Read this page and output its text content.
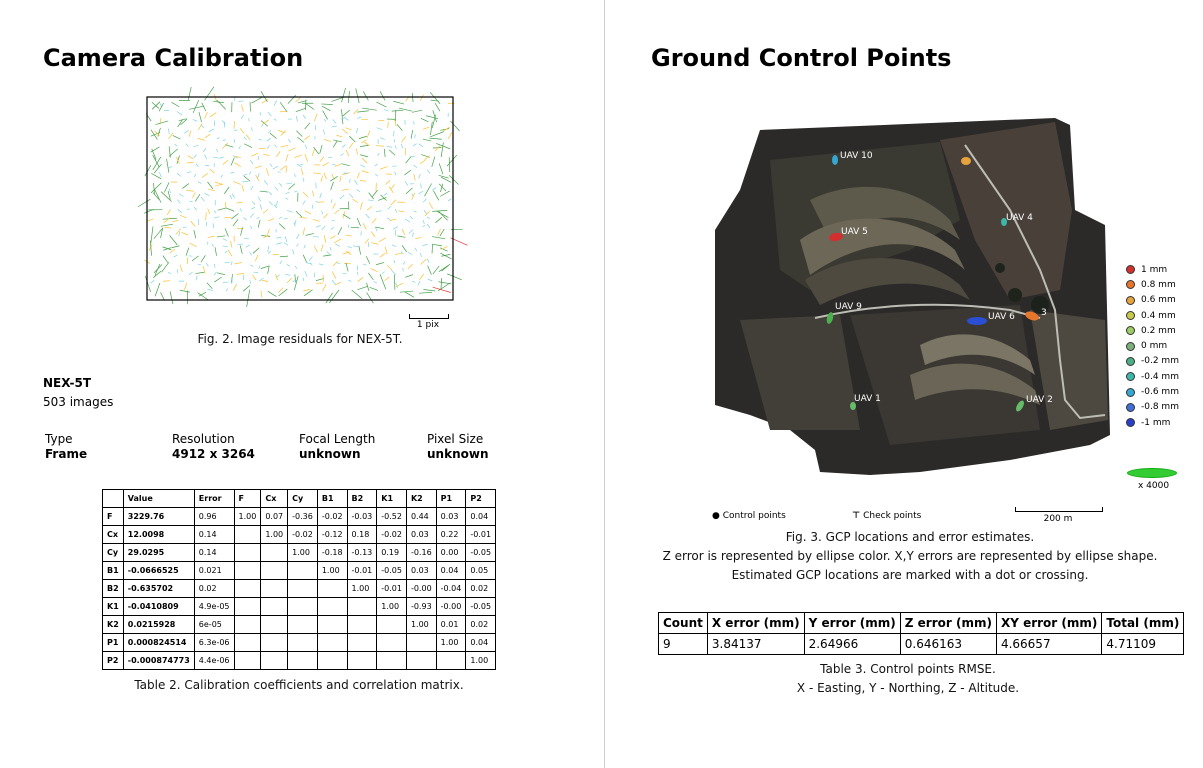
Camera Calibration
1 pix
Fig. 2. Image residuals for NEX-5T.
NEX-5T
503 images
Type
Frame
Resolution
4912 x 3264
Focal Length
unknown
Pixel Size
unknown
	Value	Error	F	Cx	Cy	B1	B2	K1	K2	P1	P2
F	3229.76	0.96	1.00	0.07	-0.36	-0.02	-0.03	-0.52	0.44	0.03	0.04
Cx	12.0098	0.14		1.00	-0.02	-0.12	0.18	-0.02	0.03	0.22	-0.01
Cy	29.0295	0.14			1.00	-0.18	-0.13	0.19	-0.16	0.00	-0.05
B1	-0.0666525	0.021				1.00	-0.01	-0.05	0.03	0.04	0.05
B2	-0.635702	0.02					1.00	-0.01	-0.00	-0.04	0.02
K1	-0.0410809	4.9e-05						1.00	-0.93	-0.00	-0.05
K2	0.0215928	6e-05							1.00	0.01	0.02
P1	0.000824514	6.3e-06								1.00	0.04
P2	-0.000874773	4.4e-06									1.00
Table 2. Calibration coefficients and correlation matrix.
Ground Control Points
UAV 10
UAV 4
UAV 5
UAV 9
UAV 6	3
UAV 1	UAV 2
1 mm
0.8 mm
0.6 mm
0.4 mm
0.2 mm
0 mm
-0.2 mm
-0.4 mm
-0.6 mm
-0.8 mm
-1 mm
x 4000
● Control points	⊤ Check points	200 m
Fig. 3. GCP locations and error estimates.
Z error is represented by ellipse color. X,Y errors are represented by ellipse shape.
Estimated GCP locations are marked with a dot or crossing.
Count	X error (mm)	Y error (mm)	Z error (mm)	XY error (mm)	Total (mm)
9	3.84137	2.64966	0.646163	4.66657	4.71109
Table 3. Control points RMSE.
X - Easting, Y - Northing, Z - Altitude.
